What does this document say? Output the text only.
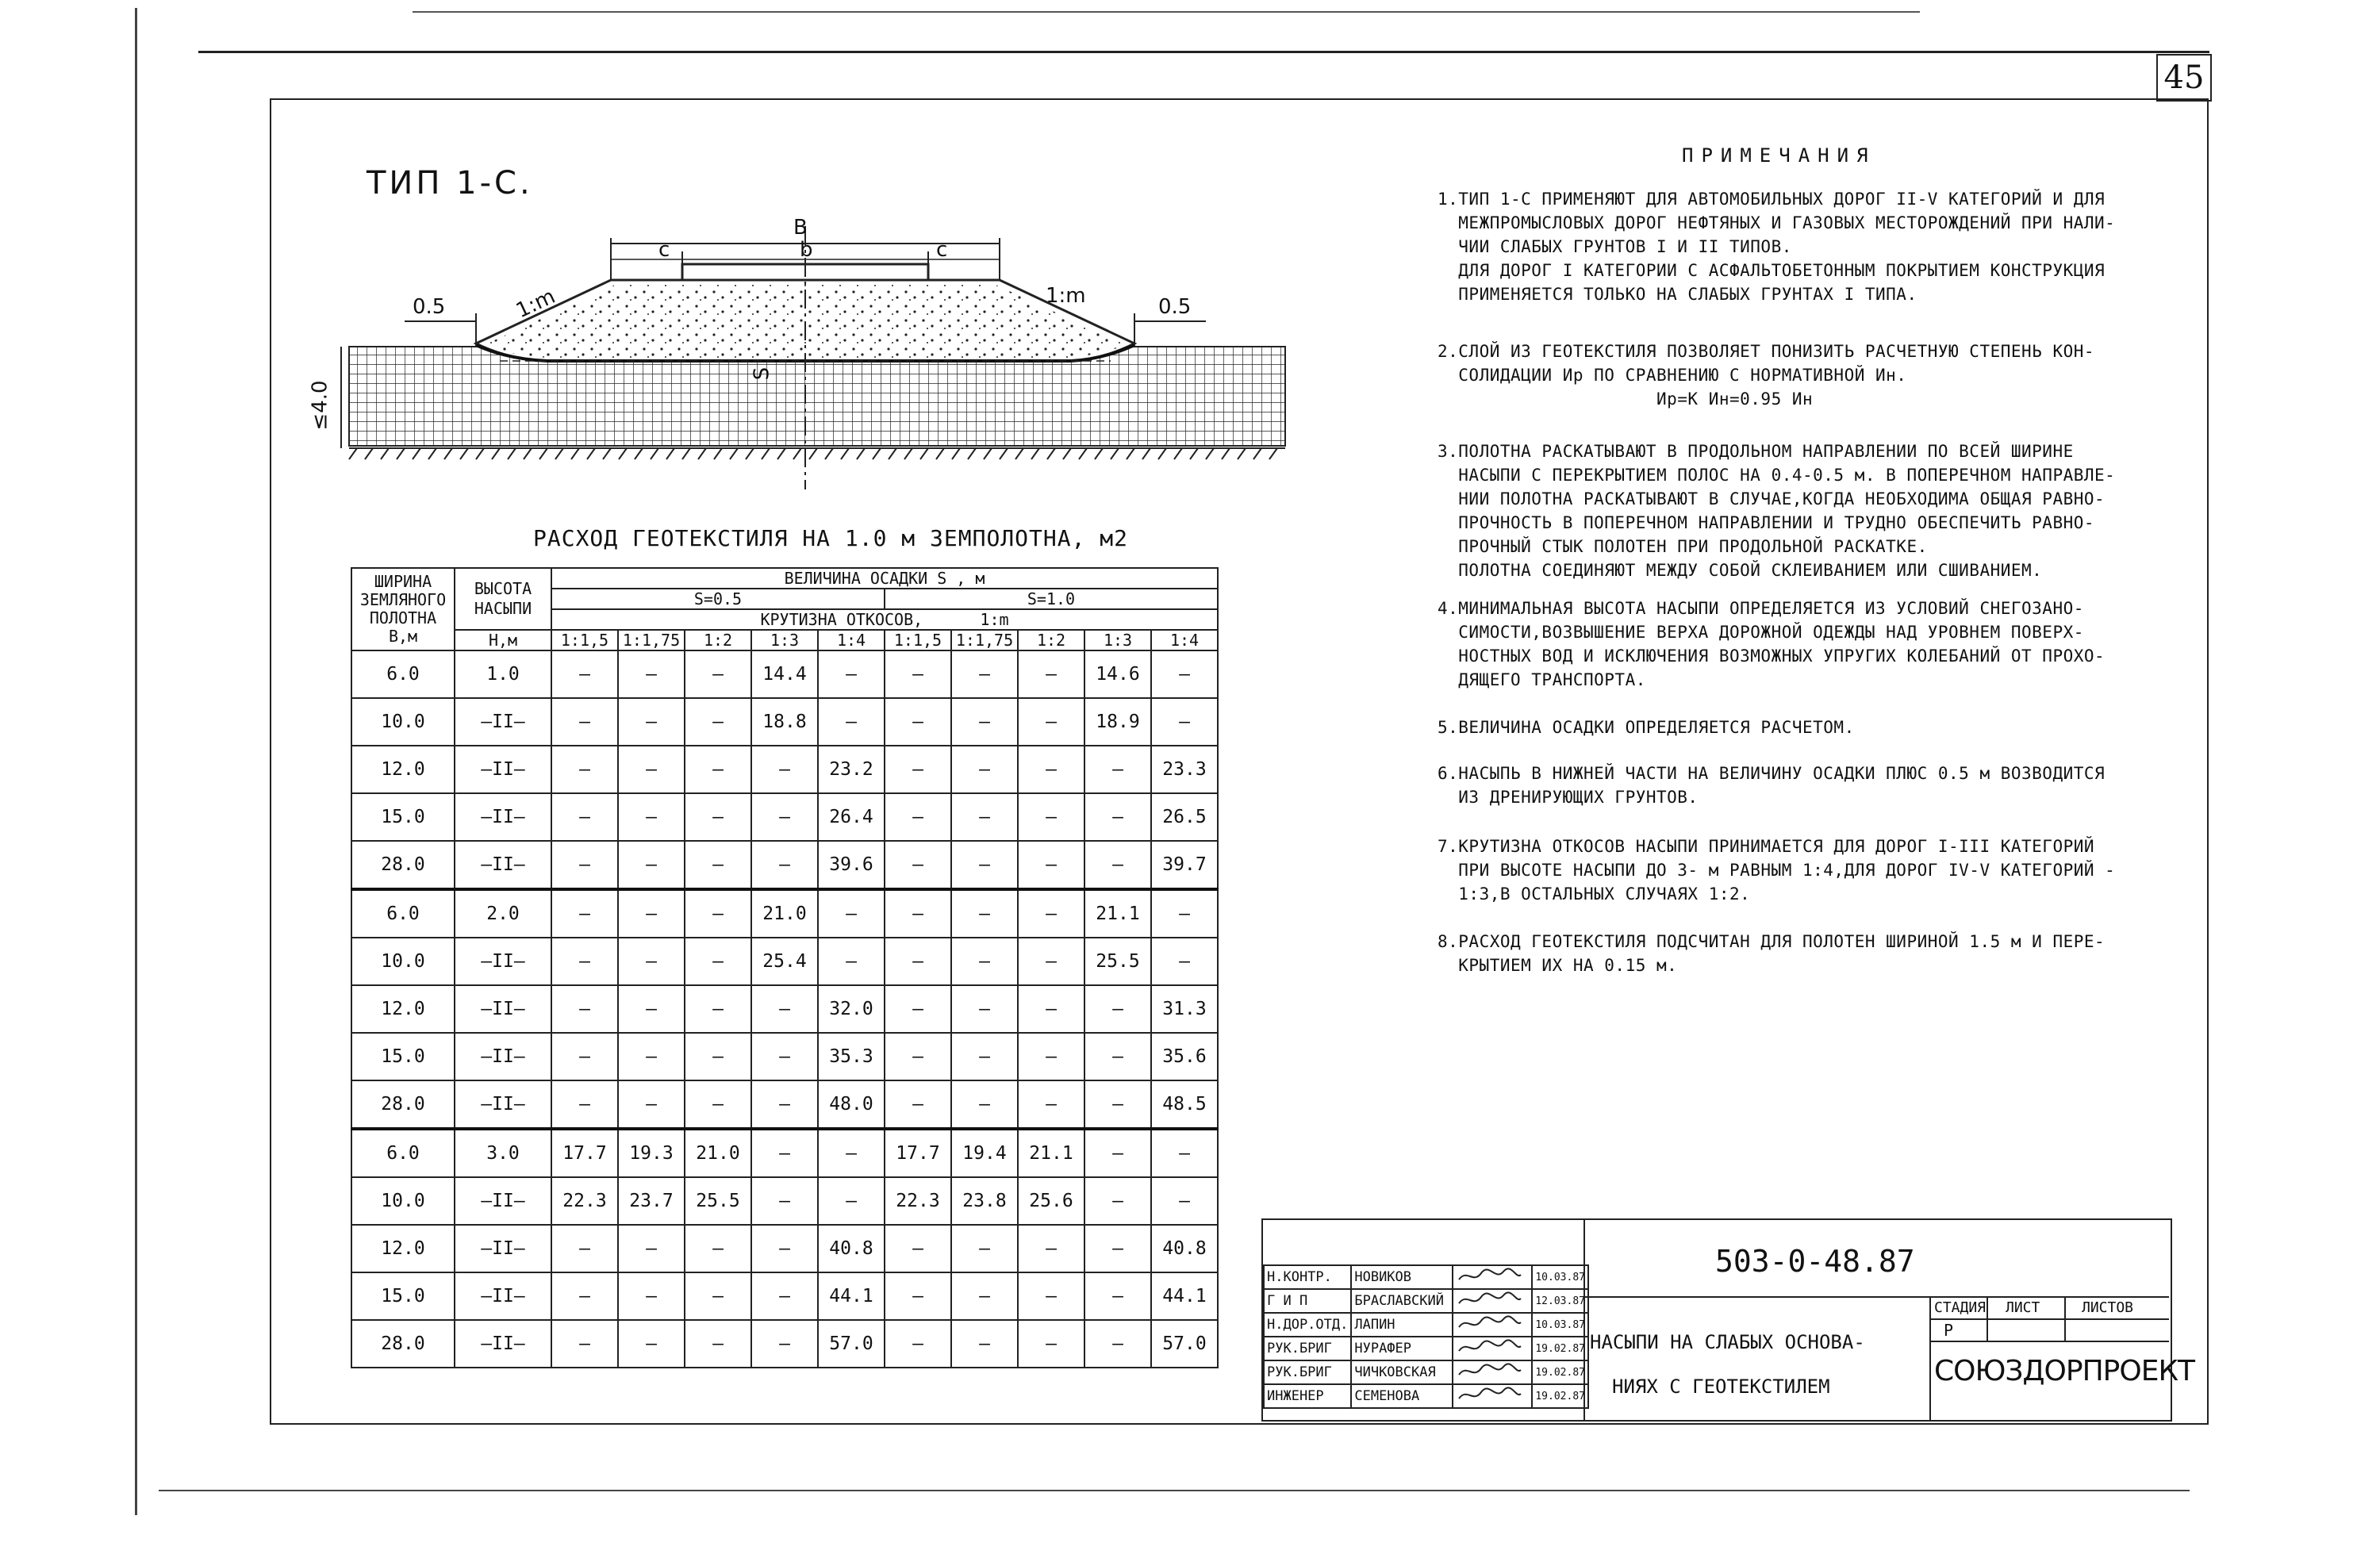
45
ТИП 1-С.
B
c	b	c
1:m	1:m
0.5	0.5
≤4.0
S
РАСХОД ГЕОТЕКСТИЛЯ НА 1.0 м ЗЕМПОЛОТНА, м2
ШИРИНА
ЗЕМЛЯНОГО
ПОЛОТНА
B,м	ВЫСОТА
НАСЫПИ	ВЕЛИЧИНА ОСАДКИ S , м									
		S=0.5					S=1.0				
		КРУТИЗНА ОТКОСОВ, 1:m									
	H,м	1:1,5	1:1,75	1:2	1:3	1:4	1:1,5	1:1,75	1:2	1:3	1:4
6.0	1.0	—	—	—	14.4	—	—	—	—	14.6	—
10.0	—II—	—	—	—	18.8	—	—	—	—	18.9	—
12.0	—II—	—	—	—	—	23.2	—	—	—	—	23.3
15.0	—II—	—	—	—	—	26.4	—	—	—	—	26.5
28.0	—II—	—	—	—	—	39.6	—	—	—	—	39.7
6.0	2.0	—	—	—	21.0	—	—	—	—	21.1	—
10.0	—II—	—	—	—	25.4	—	—	—	—	25.5	—
12.0	—II—	—	—	—	—	32.0	—	—	—	—	31.3
15.0	—II—	—	—	—	—	35.3	—	—	—	—	35.6
28.0	—II—	—	—	—	—	48.0	—	—	—	—	48.5
6.0	3.0	17.7	19.3	21.0	—	—	17.7	19.4	21.1	—	—
10.0	—II—	22.3	23.7	25.5	—	—	22.3	23.8	25.6	—	—
12.0	—II—	—	—	—	—	40.8	—	—	—	—	40.8
15.0	—II—	—	—	—	—	44.1	—	—	—	—	44.1
28.0	—II—	—	—	—	—	57.0	—	—	—	—	57.0
ПРИМЕЧАНИЯ

1.ТИП 1-С ПРИМЕНЯЮТ ДЛЯ АВТОМОБИЛЬНЫХ ДОРОГ II-V КАТЕГОРИЙ И ДЛЯ

МЕЖПРОМЫСЛОВЫХ ДОРОГ НЕФТЯНЫХ И ГАЗОВЫХ МЕСТОРОЖДЕНИЙ ПРИ НАЛИ-

ЧИИ СЛАБЫХ ГРУНТОВ I И II ТИПОВ.

ДЛЯ ДОРОГ I КАТЕГОРИИ С АСФАЛЬТОБЕТОННЫМ ПОКРЫТИЕМ КОНСТРУКЦИЯ

ПРИМЕНЯЕТСЯ ТОЛЬКО НА СЛАБЫХ ГРУНТАХ I ТИПА.

2.СЛОЙ ИЗ ГЕОТЕКСТИЛЯ ПОЗВОЛЯЕТ ПОНИЗИТЬ РАСЧЕТНУЮ СТЕПЕНЬ КОН-

СОЛИДАЦИИ Ир ПО СРАВНЕНИЮ С НОРМАТИВНОЙ Ин.

Ир=К Ин=0.95 Ин

3.ПОЛОТНА РАСКАТЫВАЮТ В ПРОДОЛЬНОМ НАПРАВЛЕНИИ ПО ВСЕЙ ШИРИНЕ

НАСЫПИ С ПЕРЕКРЫТИЕМ ПОЛОС НА 0.4-0.5 м. В ПОПЕРЕЧНОМ НАПРАВЛЕ-

НИИ ПОЛОТНА РАСКАТЫВАЮТ В СЛУЧАЕ,КОГДА НЕОБХОДИМА ОБЩАЯ РАВНО-

ПРОЧНОСТЬ В ПОПЕРЕЧНОМ НАПРАВЛЕНИИ И ТРУДНО ОБЕСПЕЧИТЬ РАВНО-

ПРОЧНЫЙ СТЫК ПОЛОТЕН ПРИ ПРОДОЛЬНОЙ РАСКАТКЕ.

ПОЛОТНА СОЕДИНЯЮТ МЕЖДУ СОБОЙ СКЛЕИВАНИЕМ ИЛИ СШИВАНИЕМ.

4.МИНИМАЛЬНАЯ ВЫСОТА НАСЫПИ ОПРЕДЕЛЯЕТСЯ ИЗ УСЛОВИЙ СНЕГОЗАНО-

СИМОСТИ,ВОЗВЫШЕНИЕ ВЕРХА ДОРОЖНОЙ ОДЕЖДЫ НАД УРОВНЕМ ПОВЕРХ-

НОСТНЫХ ВОД И ИСКЛЮЧЕНИЯ ВОЗМОЖНЫХ УПРУГИХ КОЛЕБАНИЙ ОТ ПРОХО-

ДЯЩЕГО ТРАНСПОРТА.

5.ВЕЛИЧИНА ОСАДКИ ОПРЕДЕЛЯЕТСЯ РАСЧЕТОМ.

6.НАСЫПЬ В НИЖНЕЙ ЧАСТИ НА ВЕЛИЧИНУ ОСАДКИ ПЛЮС 0.5 м ВОЗВОДИТСЯ

ИЗ ДРЕНИРУЮЩИХ ГРУНТОВ.

7.КРУТИЗНА ОТКОСОВ НАСЫПИ ПРИНИМАЕТСЯ ДЛЯ ДОРОГ I-III КАТЕГОРИЙ

ПРИ ВЫСОТЕ НАСЫПИ ДО 3- м РАВНЫМ 1:4,ДЛЯ ДОРОГ IV-V КАТЕГОРИЙ -

1:3,В ОСТАЛЬНЫХ СЛУЧАЯХ 1:2.

8.РАСХОД ГЕОТЕКСТИЛЯ ПОДСЧИТАН ДЛЯ ПОЛОТЕН ШИРИНОЙ 1.5 м И ПЕРЕ-

КРЫТИЕМ ИХ НА 0.15 м.

503-0-48.87
Н.КОНТР.	НОВИКОВ		10.03.87
Г И П	БРАСЛАВСКИЙ		12.03.87
Н.ДОР.ОТД.	ЛАПИН		10.03.87
РУК.БРИГ	НУРАФЕР		19.02.87
РУК.БРИГ	ЧИЧКОВСКАЯ		19.02.87
ИНЖЕНЕР	СЕМЕНОВА		19.02.87
НАСЫПИ НА СЛАБЫХ ОСНОВА-
НИЯХ С ГЕОТЕКСТИЛЕМ
СТАДИЯ ЛИСТ	ЛИСТОВ
Р
СОЮЗДОРПРОЕКТ
